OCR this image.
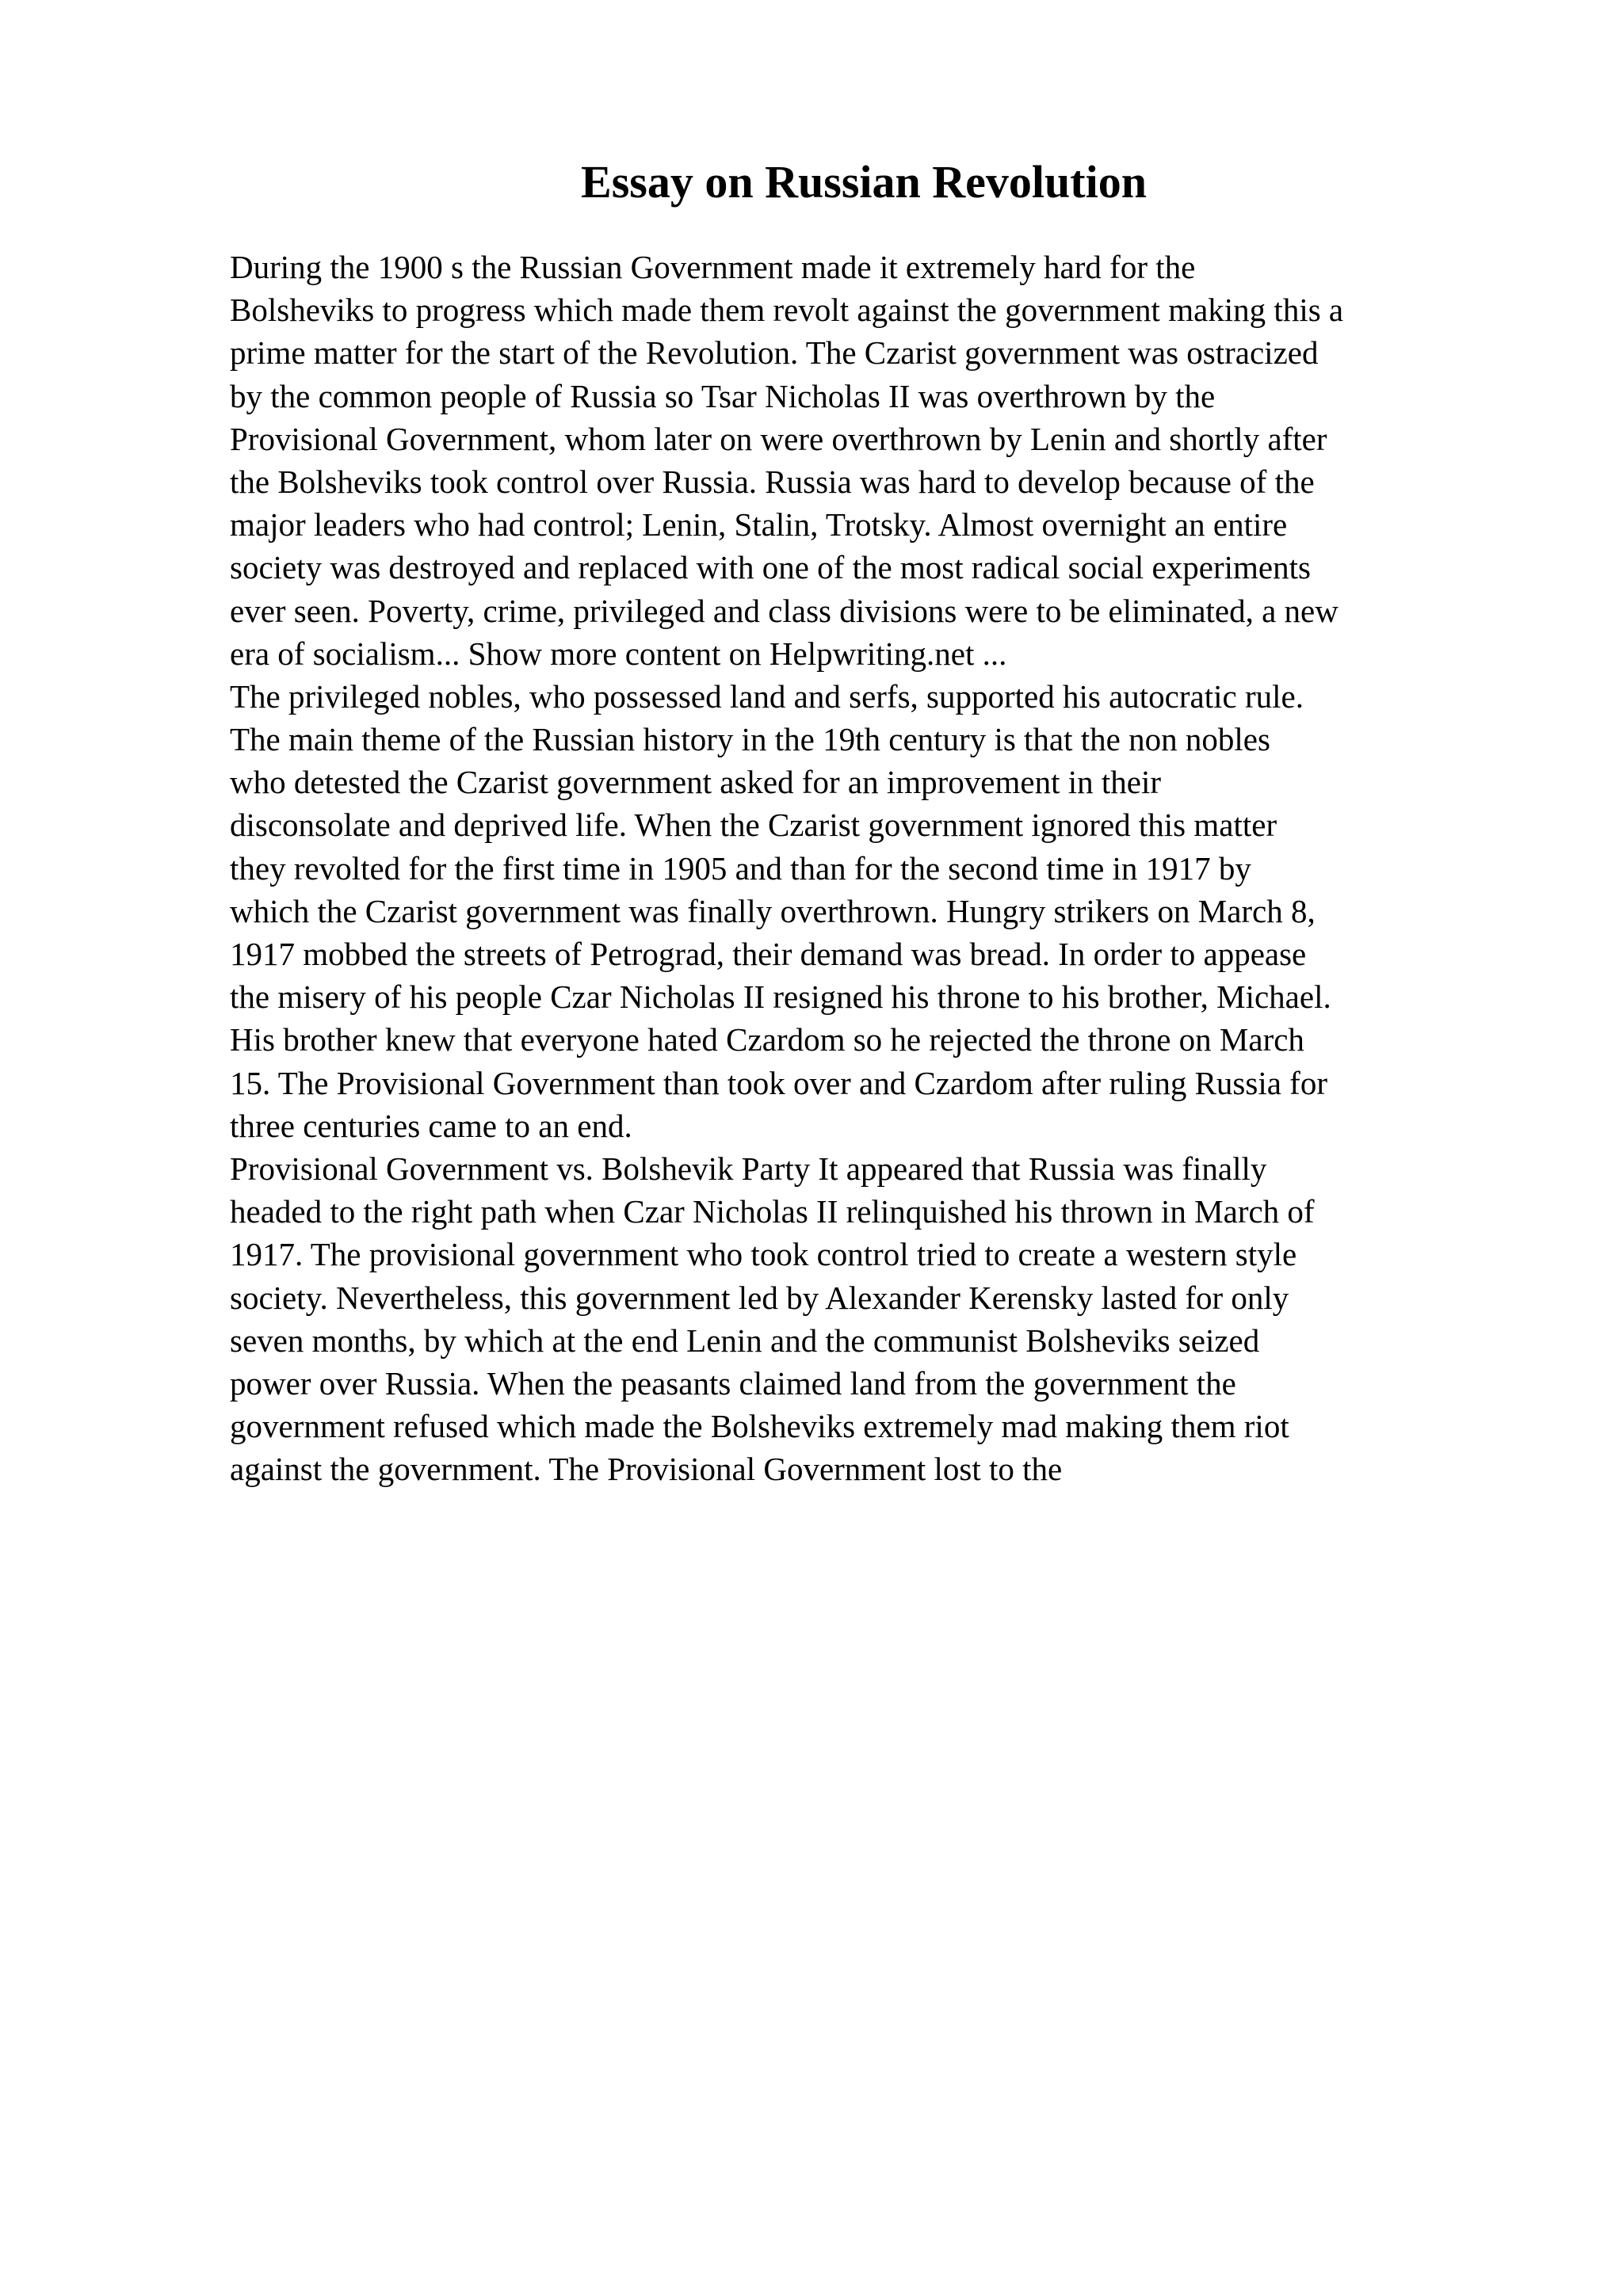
Essay on Russian Revolution
During the 1900 s the Russian Government made it extremely hard for the
Bolsheviks to progress which made them revolt against the government making this a
prime matter for the start of the Revolution. The Czarist government was ostracized
by the common people of Russia so Tsar Nicholas II was overthrown by the
Provisional Government, whom later on were overthrown by Lenin and shortly after
the Bolsheviks took control over Russia. Russia was hard to develop because of the
major leaders who had control; Lenin, Stalin, Trotsky. Almost overnight an entire
society was destroyed and replaced with one of the most radical social experiments
ever seen. Poverty, crime, privileged and class divisions were to be eliminated, a new
era of socialism... Show more content on Helpwriting.net ...
The privileged nobles, who possessed land and serfs, supported his autocratic rule.
The main theme of the Russian history in the 19th century is that the non nobles
who detested the Czarist government asked for an improvement in their
disconsolate and deprived life. When the Czarist government ignored this matter
they revolted for the first time in 1905 and than for the second time in 1917 by
which the Czarist government was finally overthrown. Hungry strikers on March 8,
1917 mobbed the streets of Petrograd, their demand was bread. In order to appease
the misery of his people Czar Nicholas II resigned his throne to his brother, Michael.
His brother knew that everyone hated Czardom so he rejected the throne on March
15. The Provisional Government than took over and Czardom after ruling Russia for
three centuries came to an end.
Provisional Government vs. Bolshevik Party It appeared that Russia was finally
headed to the right path when Czar Nicholas II relinquished his thrown in March of
1917. The provisional government who took control tried to create a western style
society. Nevertheless, this government led by Alexander Kerensky lasted for only
seven months, by which at the end Lenin and the communist Bolsheviks seized
power over Russia. When the peasants claimed land from the government the
government refused which made the Bolsheviks extremely mad making them riot
against the government. The Provisional Government lost to the
